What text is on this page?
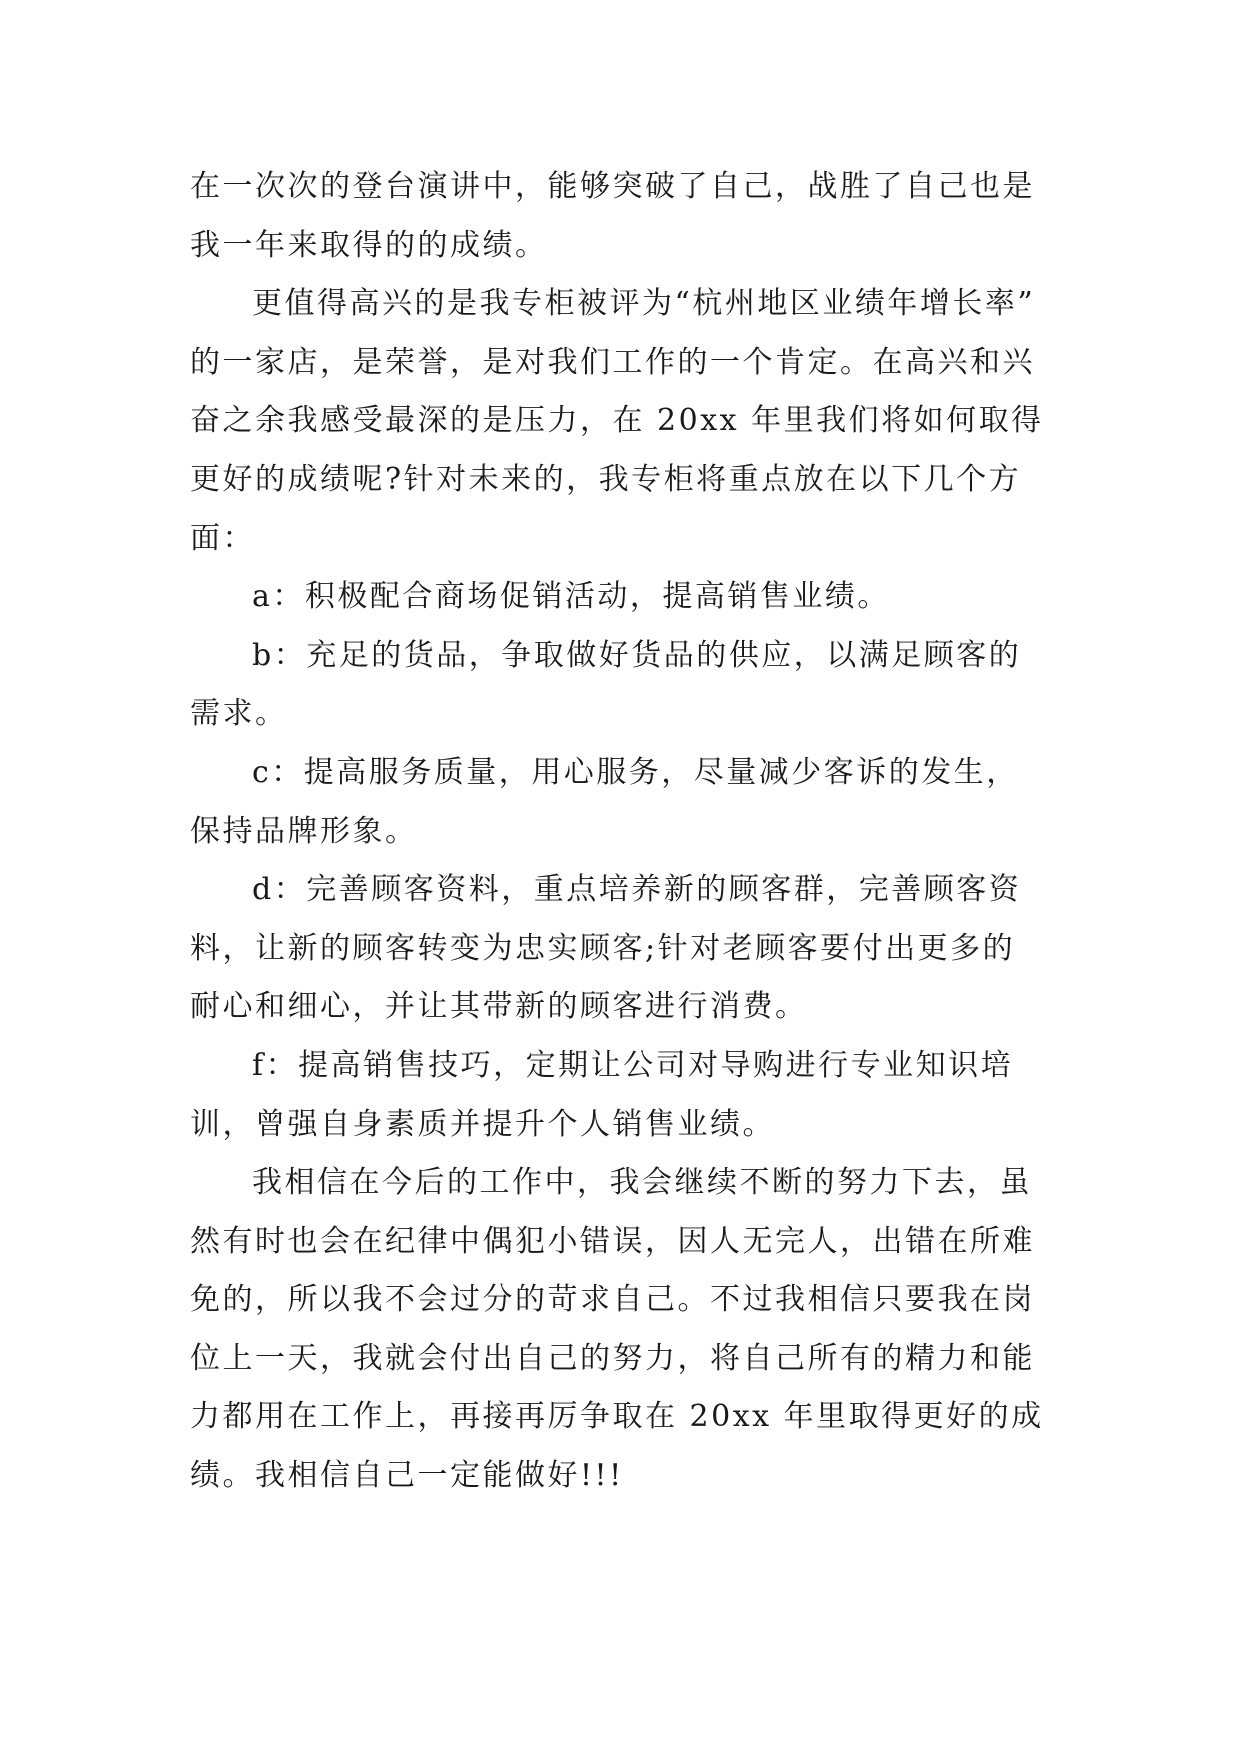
在一次次的登台演讲中，能够突破了自己，战胜了自己也是
我一年来取得的的成绩。
更值得高兴的是我专柜被评为“杭州地区业绩年增长率”
的一家店，是荣誉，是对我们工作的一个肯定。在高兴和兴
奋之余我感受最深的是压力，在 20xx 年里我们将如何取得
更好的成绩呢?针对未来的，我专柜将重点放在以下几个方
面：
a：积极配合商场促销活动，提高销售业绩。
b：充足的货品，争取做好货品的供应，以满足顾客的
需求。
c：提高服务质量，用心服务，尽量减少客诉的发生，
保持品牌形象。
d：完善顾客资料，重点培养新的顾客群，完善顾客资
料，让新的顾客转变为忠实顾客;针对老顾客要付出更多的
耐心和细心，并让其带新的顾客进行消费。
f：提高销售技巧，定期让公司对导购进行专业知识培
训，曾强自身素质并提升个人销售业绩。
我相信在今后的工作中，我会继续不断的努力下去，虽
然有时也会在纪律中偶犯小错误，因人无完人，出错在所难
免的，所以我不会过分的苛求自己。不过我相信只要我在岗
位上一天，我就会付出自己的努力，将自己所有的精力和能
力都用在工作上，再接再厉争取在 20xx 年里取得更好的成
绩。我相信自己一定能做好!!!
